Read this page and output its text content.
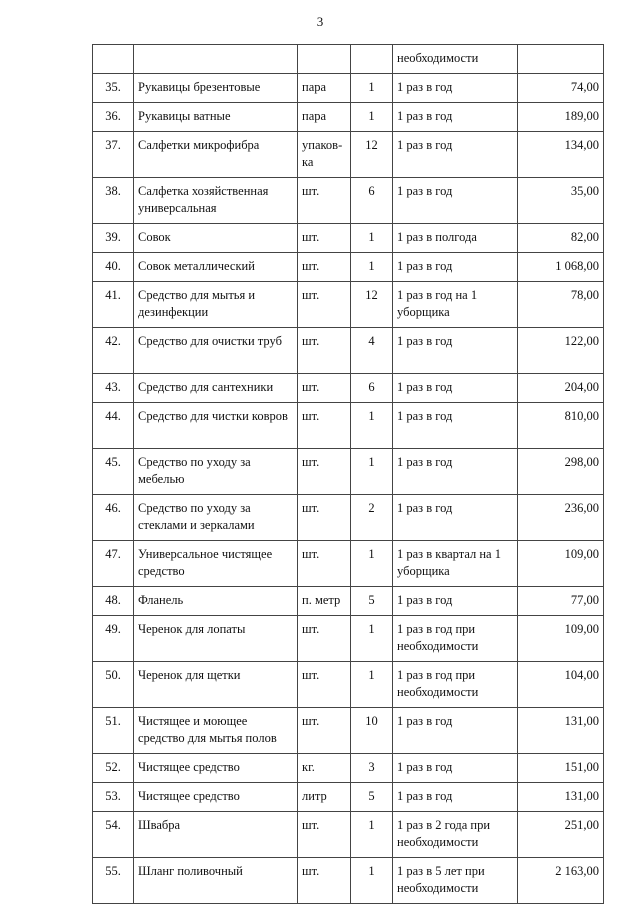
3
				необходимости	
35.	Рукавицы брезентовые	пара	1	1 раз в год	74,00
36.	Рукавицы ватные	пара	1	1 раз в год	189,00
37.	Салфетки микрофибра	упаков-ка	12	1 раз в год	134,00
38.	Салфетка хозяйственная универсальная	шт.	6	1 раз в год	35,00
39.	Совок	шт.	1	1 раз в полгода	82,00
40.	Совок металлический	шт.	1	1 раз в год	1 068,00
41.	Средство для мытья и дезинфекции	шт.	12	1 раз в год на 1 уборщика	78,00
42.	Средство для очистки труб	шт.	4	1 раз в год	122,00
43.	Средство для сантехники	шт.	6	1 раз в год	204,00
44.	Средство для чистки ковров	шт.	1	1 раз в год	810,00
45.	Средство по уходу за мебелью	шт.	1	1 раз в год	298,00
46.	Средство по уходу за стеклами и зеркалами	шт.	2	1 раз в год	236,00
47.	Универсальное чистящее средство	шт.	1	1 раз в квартал на 1 уборщика	109,00
48.	Фланель	п. метр	5	1 раз в год	77,00
49.	Черенок для лопаты	шт.	1	1 раз в год при необходимости	109,00
50.	Черенок для щетки	шт.	1	1 раз в год при необходимости	104,00
51.	Чистящее и моющее средство для мытья полов	шт.	10	1 раз в год	131,00
52.	Чистящее средство	кг.	3	1 раз в год	151,00
53.	Чистящее средство	литр	5	1 раз в год	131,00
54.	Швабра	шт.	1	1 раз в 2 года при необходимости	251,00
55.	Шланг поливочный	шт.	1	1 раз в 5 лет при необходимости	2 163,00
